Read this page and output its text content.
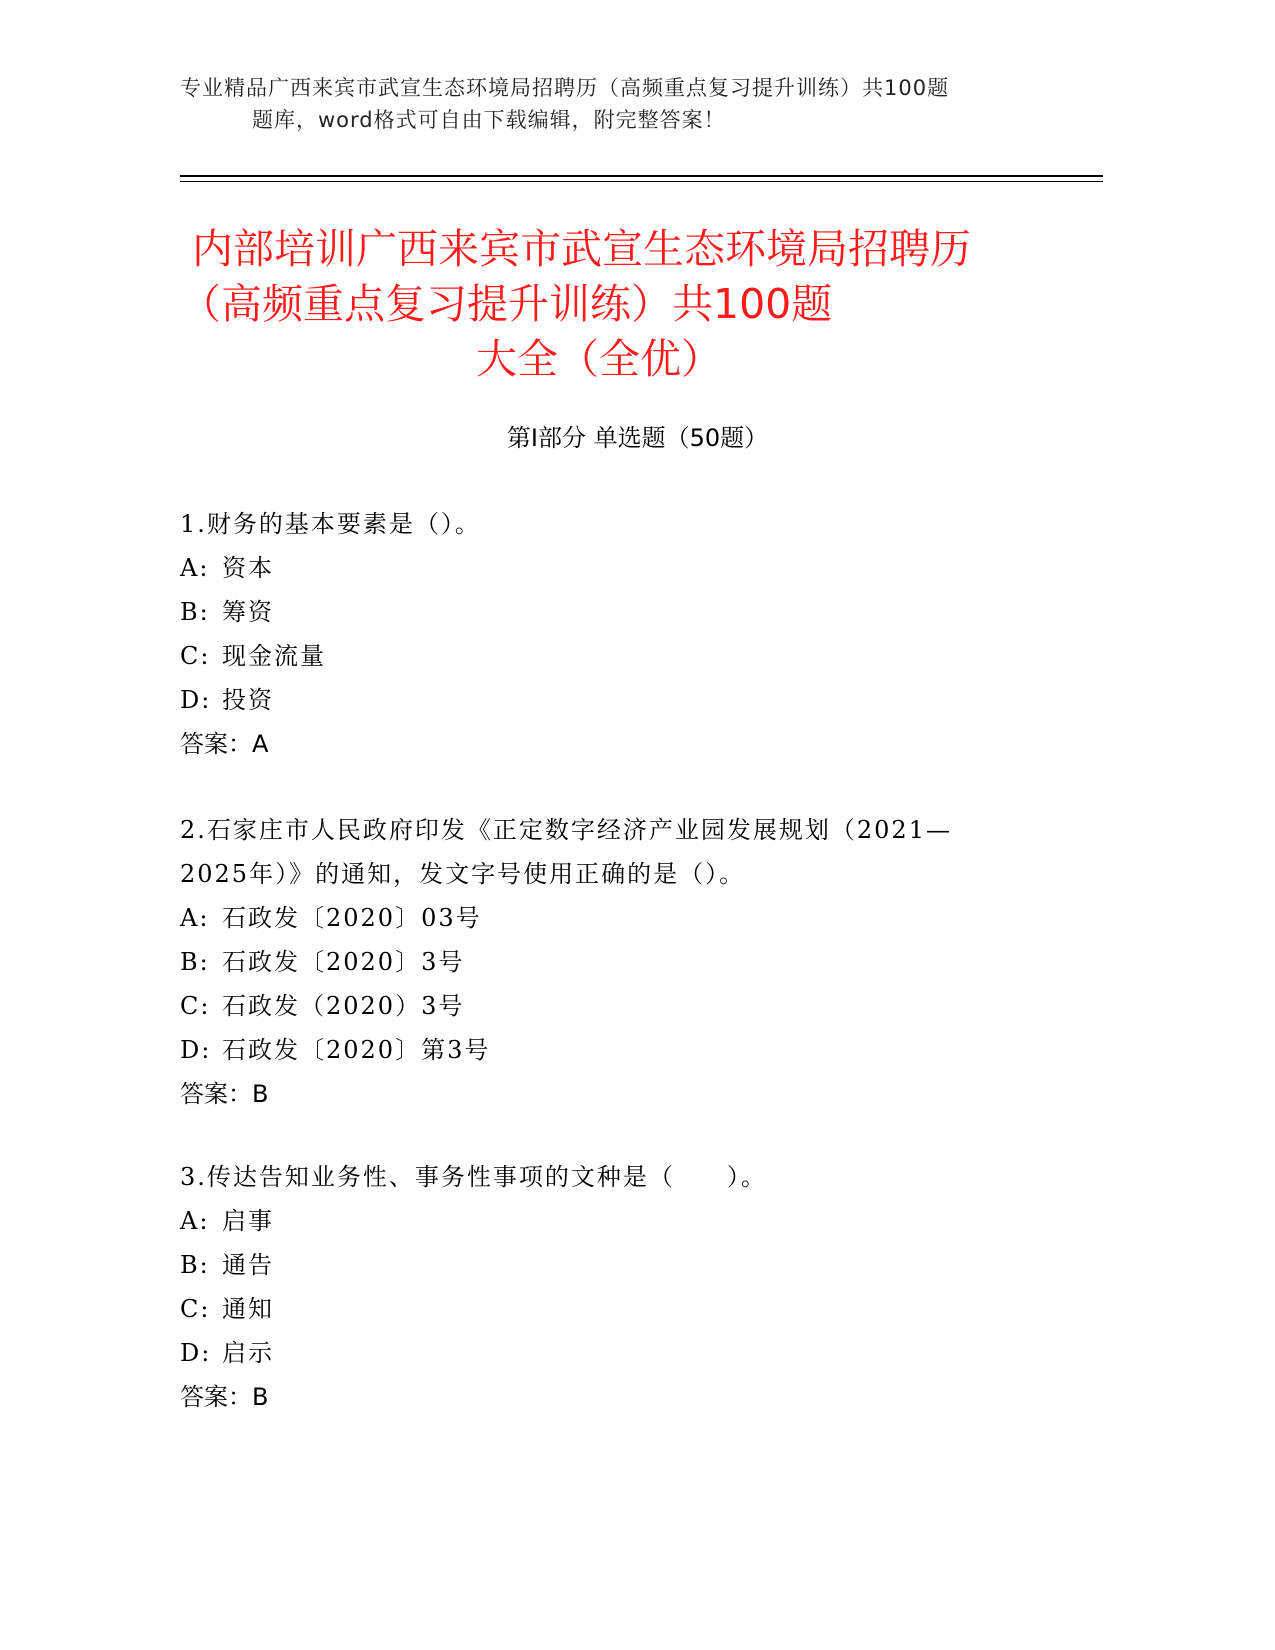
专业精品广西来宾市武宣生态环境局招聘历（高频重点复习提升训练）共100题
题库，word格式可自由下载编辑，附完整答案！
内部培训广西来宾市武宣生态环境局招聘历
（高频重点复习提升训练）共100题
大全（全优）
第Ⅰ部分 单选题（50题）
1.财务的基本要素是（）。
A: 资本
B: 筹资
C: 现金流量
D: 投资
答案：A
2.石家庄市人民政府印发《正定数字经济产业园发展规划（2021—
2025年）》的通知，发文字号使用正确的是（）。
A: 石政发〔2020〕03号
B: 石政发〔2020〕3号
C: 石政发（2020）3号
D: 石政发〔2020〕第3号
答案：B
3.传达告知业务性、事务性事项的文种是（　　）。
A: 启事
B: 通告
C: 通知
D: 启示
答案：B
